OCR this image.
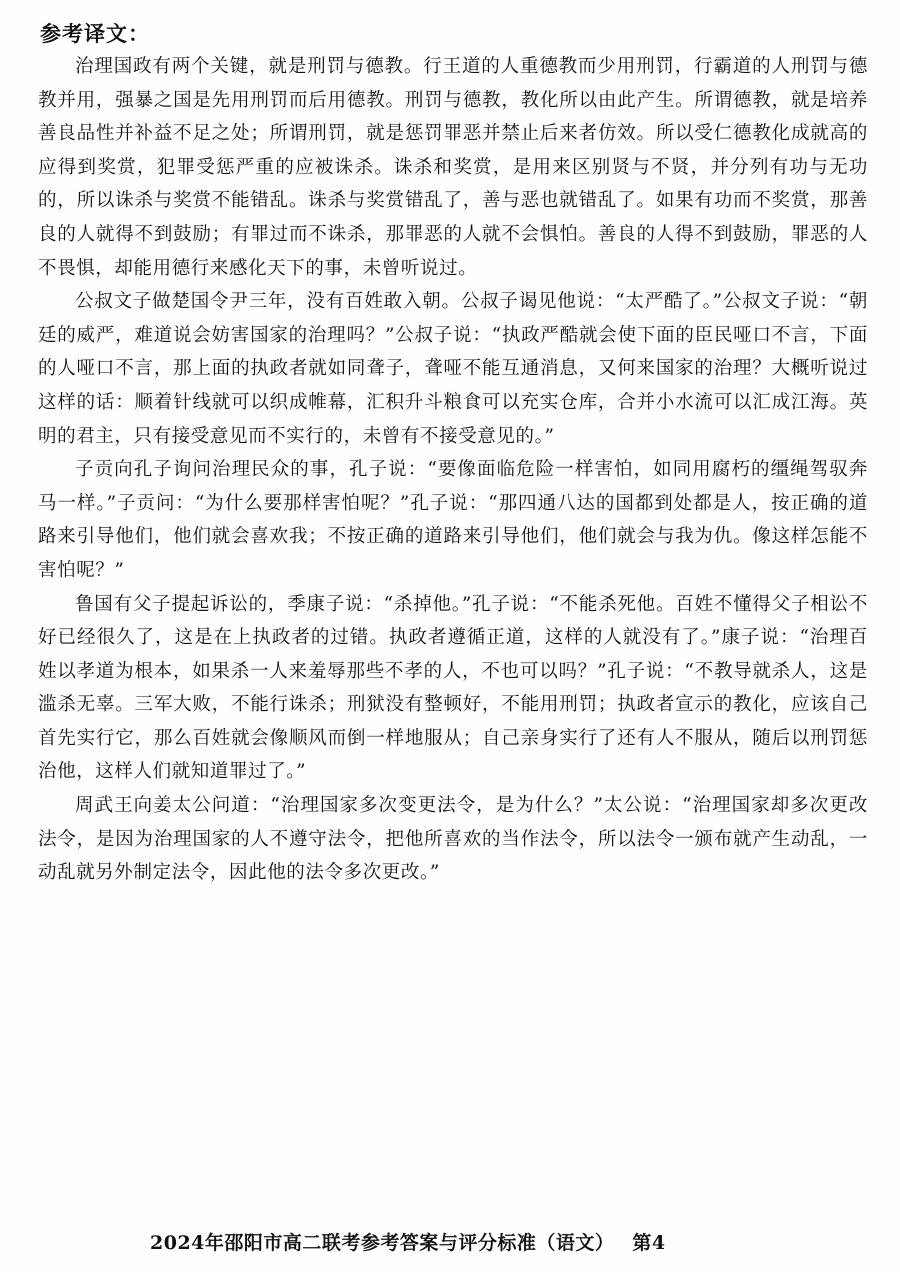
参考译文：

治理国政有两个关键，就是刑罚与德教。行王道的人重德教而少用刑罚，行霸道的人刑罚与德教并用，强暴之国是先用刑罚而后用德教。刑罚与德教，教化所以由此产生。所谓德教，就是培养善良品性并补益不足之处；所谓刑罚，就是惩罚罪恶并禁止后来者仿效。所以受仁德教化成就高的应得到奖赏，犯罪受惩严重的应被诛杀。诛杀和奖赏，是用来区别贤与不贤，并分列有功与无功的，所以诛杀与奖赏不能错乱。诛杀与奖赏错乱了，善与恶也就错乱了。如果有功而不奖赏，那善良的人就得不到鼓励；有罪过而不诛杀，那罪恶的人就不会惧怕。善良的人得不到鼓励，罪恶的人不畏惧，却能用德行来感化天下的事，未曾听说过。

公叔文子做楚国令尹三年，没有百姓敢入朝。公叔子谒见他说：“太严酷了。”公叔文子说：“朝廷的威严，难道说会妨害国家的治理吗？”公叔子说：“执政严酷就会使下面的臣民哑口不言，下面的人哑口不言，那上面的执政者就如同聋子，聋哑不能互通消息，又何来国家的治理？大概听说过这样的话：顺着针线就可以织成帷幕，汇积升斗粮食可以充实仓库，合并小水流可以汇成江海。英明的君主，只有接受意见而不实行的，未曾有不接受意见的。”

子贡向孔子询问治理民众的事，孔子说：“要像面临危险一样害怕，如同用腐朽的缰绳驾驭奔马一样。”子贡问：“为什么要那样害怕呢？”孔子说：“那四通八达的国都到处都是人，按正确的道路来引导他们，他们就会喜欢我；不按正确的道路来引导他们，他们就会与我为仇。像这样怎能不害怕呢？”

鲁国有父子提起诉讼的，季康子说：“杀掉他。”孔子说：“不能杀死他。百姓不懂得父子相讼不好已经很久了，这是在上执政者的过错。执政者遵循正道，这样的人就没有了。”康子说：“治理百姓以孝道为根本，如果杀一人来羞辱那些不孝的人，不也可以吗？”孔子说：“不教导就杀人，这是滥杀无辜。三军大败，不能行诛杀；刑狱没有整顿好，不能用刑罚；执政者宣示的教化，应该自己首先实行它，那么百姓就会像顺风而倒一样地服从；自己亲身实行了还有人不服从，随后以刑罚惩治他，这样人们就知道罪过了。”

周武王向姜太公问道：“治理国家多次变更法令，是为什么？”太公说：“治理国家却多次更改法令，是因为治理国家的人不遵守法令，把他所喜欢的当作法令，所以法令一颁布就产生动乱，一动乱就另外制定法令，因此他的法令多次更改。”

2024年邵阳市高二联考参考答案与评分标准（语文） 第4
